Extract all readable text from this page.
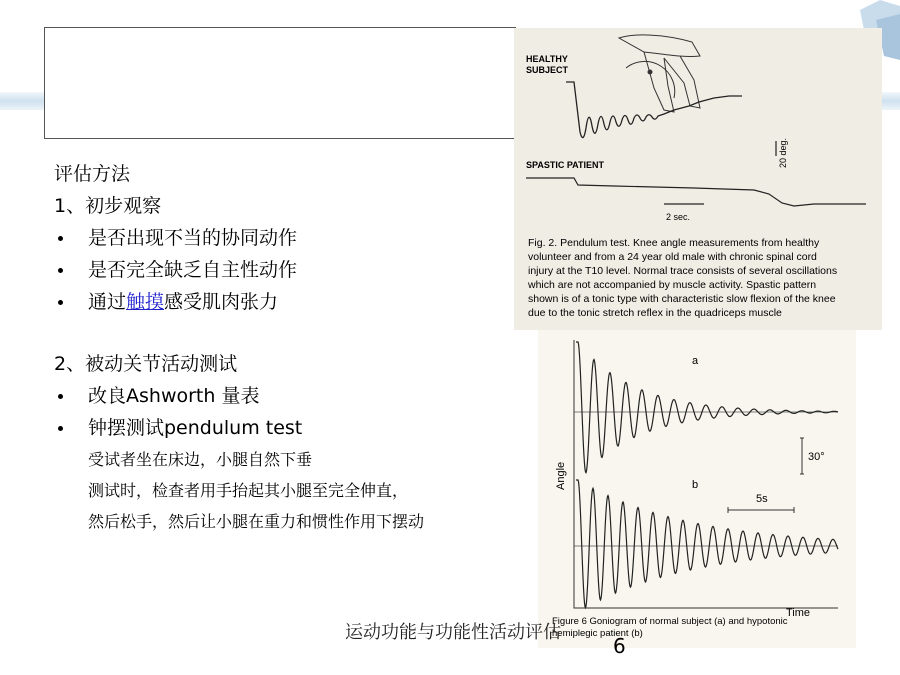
评估方法
1、初步观察
是否出现不当的协同动作
是否完全缺乏自主性动作
通过触摸感受肌肉张力
2、被动关节活动测试
改良Ashworth 量表
钟摆测试pendulum test
受试者坐在床边，小腿自然下垂
测试时，检查者用手抬起其小腿至完全伸直，
然后松手，然后让小腿在重力和惯性作用下摆动
HEALTHY
SUBJECT
20 deg.
SPASTIC PATIENT
2 sec.
Fig. 2. Pendulum test. Knee angle measurements from healthy
volunteer and from a 24 year old male with chronic spinal cord
injury at the T10 level. Normal trace consists of several oscillations
which are not accompanied by muscle activity. Spastic pattern
shown is of a tonic type with characteristic slow flexion of the knee
due to the tonic stretch reflex in the quadriceps muscle
Angle
Time
a
b
30°
5s
Figure 6 Goniogram of normal subject (a) and hypotonic
hemiplegic patient (b)
运动功能与功能性活动评估
6
